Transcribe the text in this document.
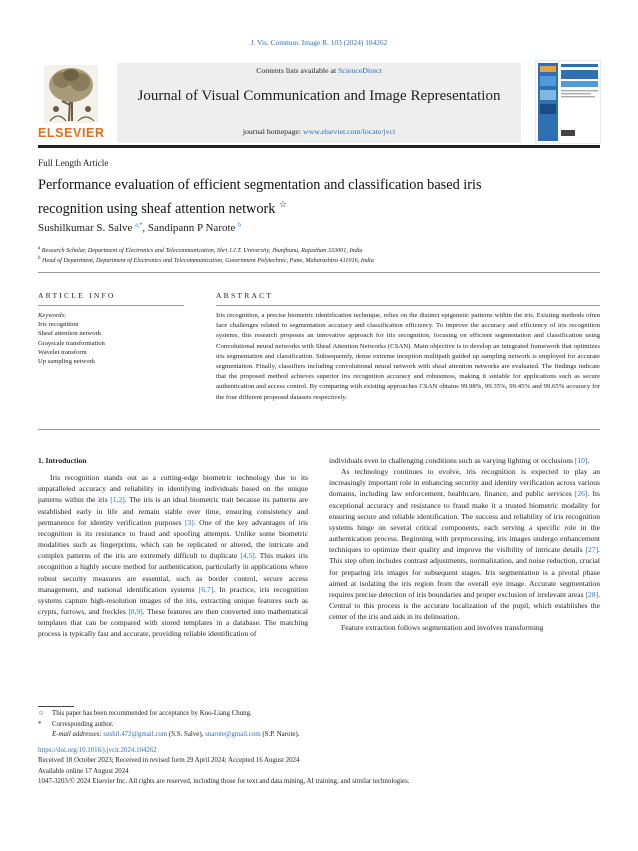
J. Vis. Commun. Image R. 103 (2024) 104262
ELSEVIER
Contents lists available at ScienceDirect
Journal of Visual Communication and Image Representation
journal homepage: www.elsevier.com/locate/jvci
Full Length Article
Performance evaluation of efficient segmentation and classification based iris recognition using sheaf attention network ☆
Sushilkumar S. Salve $^{a,*}$, Sandipann P Narote $^b$
$^a$ Research Scholar, Department of Electronics and Telecommunication, Shri J.J.T. University, Jhunjhunu, Rajasthan 333001, India
$^b$ Head of Department, Department of Electronics and Telecommunication, Government Polytechnic, Pune, Maharashtra 411016, India
ARTICLE INFO	ABSTRACT
Keywords:
Iris recognition
Sheaf attention network
Grayscale transformation
Wavelet transform
Up sampling network
Iris recognition, a precise biometric identification technique, relies on the distinct epigenetic patterns within the iris. Existing methods often face challenges related to segmentation accuracy and classification efficiency. To improve the accuracy and efficiency of iris recognition systems, this research proposes an innovative approach for iris recognition, focusing on efficient segmentation and classification using Convolutional neural networks with Sheaf Attention Networks (CSAN). Main objective is to develop an integrated framework that optimizes iris segmentation and classification. Subsequently, dense extreme inception multipath guided up sampling network is employed for accurate segmentation. Finally, classifiers including convolutional neural network with sheaf attention networks are evaluated. The findings indicate that the proposed method achieves superior iris recognition accuracy and robustness, making it suitable for applications such as secure authentication and access control. By comparing with existing approaches CSAN obtains 99.98%, 99.35%, 99.45% and 99.65% accuracy for the four different proposed datasets respectively.
1. Introduction

Iris recognition stands out as a cutting-edge biometric technology due to its unparalleled accuracy and reliability in identifying individuals based on the unique patterns within the iris [1,2]. The iris is an ideal biometric trait because its patterns are established early in life and remain stable over time, ensuring consistency and permanence for identity verification purposes [3]. One of the key advantages of iris recognition is its resistance to fraud and spoofing attempts. Unlike some biometric modalities such as fingerprints, which can be replicated or altered, the intricate and complex patterns of the iris are extremely difficult to duplicate [4,5]. This makes iris recognition a highly secure method for authentication, particularly in applications where robust security measures are essential, such as border control, secure access management, and national identification systems [6,7]. In practice, iris recognition systems capture high-resolution images of the iris, extracting unique features such as crypts, furrows, and freckles [8,9]. These features are then converted into mathematical templates that can be compared with stored templates in a database. The matching process is typically fast and accurate, providing reliable identification of

individuals even in challenging conditions such as varying lighting or occlusions [10].

As technology continues to evolve, iris recognition is expected to play an increasingly important role in enhancing security and identity verification across various domains, including law enforcement, healthcare, finance, and public services [26]. Its exceptional accuracy and resistance to fraud make it a trusted biometric modality for ensuring secure and reliable identification. The success and reliability of iris recognition systems hinge on several critical components, each serving a specific role in the authentication process. Beginning with preprocessing, iris images undergo enhancement techniques to optimize their quality and improve the visibility of intricate details [27]. This step often includes contrast adjustments, normalization, and noise reduction, crucial for preparing iris images for subsequent stages. Iris segmentation is a pivotal phase aimed at isolating the iris region from the overall eye image. Accurate segmentation requires precise detection of iris boundaries and proper exclusion of irrelevant areas [28]. Central to this process is the accurate localization of the pupil, which establishes the center of the iris and aids in its delineation.

Feature extraction follows segmentation and involves transforming

☆ This paper has been recommended for acceptance by Kuo-Liang Chung.
* Corresponding author.
E-mail addresses: sushil.472@gmail.com (S.S. Salve), snarote@gmail.com (S.P. Narote).
https://doi.org/10.1016/j.jvcir.2024.104262
Received 18 October 2023; Received in revised form 29 April 2024; Accepted 16 August 2024
Available online 17 August 2024
1047-3203/© 2024 Elsevier Inc. All rights are reserved, including those for text and data mining, AI training, and similar technologies.
